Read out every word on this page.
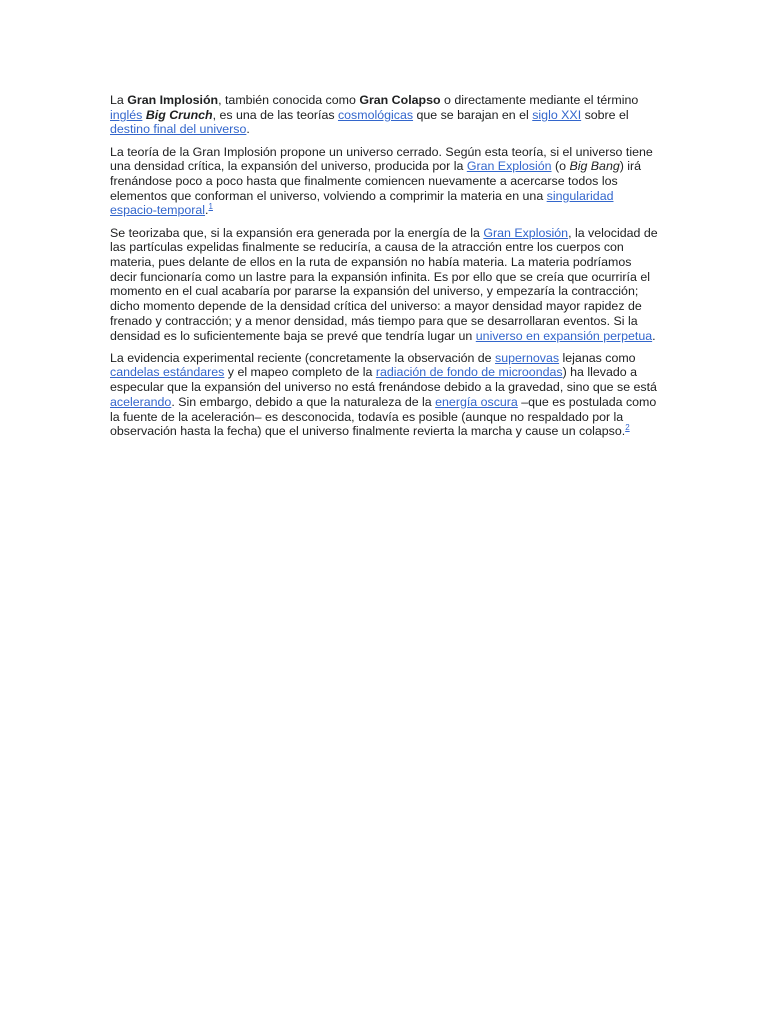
La Gran Implosión, también conocida como Gran Colapso o directamente mediante el término inglés Big Crunch, es una de las teorías cosmológicas que se barajan en el siglo XXI sobre el destino final del universo.

La teoría de la Gran Implosión propone un universo cerrado. Según esta teoría, si el universo tiene una densidad crítica, la expansión del universo, producida por la Gran Explosión (o Big Bang) irá frenándose poco a poco hasta que finalmente comiencen nuevamente a acercarse todos los elementos que conforman el universo, volviendo a comprimir la materia en una singularidad espacio-temporal.$^1$

Se teorizaba que, si la expansión era generada por la energía de la Gran Explosión, la velocidad de las partículas expelidas finalmente se reduciría, a causa de la atracción entre los cuerpos con materia, pues delante de ellos en la ruta de expansión no había materia. La materia podríamos decir funcionaría como un lastre para la expansión infinita. Es por ello que se creía que ocurriría el momento en el cual acabaría por pararse la expansión del universo, y empezaría la contracción; dicho momento depende de la densidad crítica del universo: a mayor densidad mayor rapidez de frenado y contracción; y a menor densidad, más tiempo para que se desarrollaran eventos. Si la densidad es lo suficientemente baja se prevé que tendría lugar un universo en expansión perpetua.

La evidencia experimental reciente (concretamente la observación de supernovas lejanas como candelas estándares y el mapeo completo de la radiación de fondo de microondas) ha llevado a especular que la expansión del universo no está frenándose debido a la gravedad, sino que se está acelerando. Sin embargo, debido a que la naturaleza de la energía oscura –que es postulada como la fuente de la aceleración– es desconocida, todavía es posible (aunque no respaldado por la observación hasta la fecha) que el universo finalmente revierta la marcha y cause un colapso.$^2$
